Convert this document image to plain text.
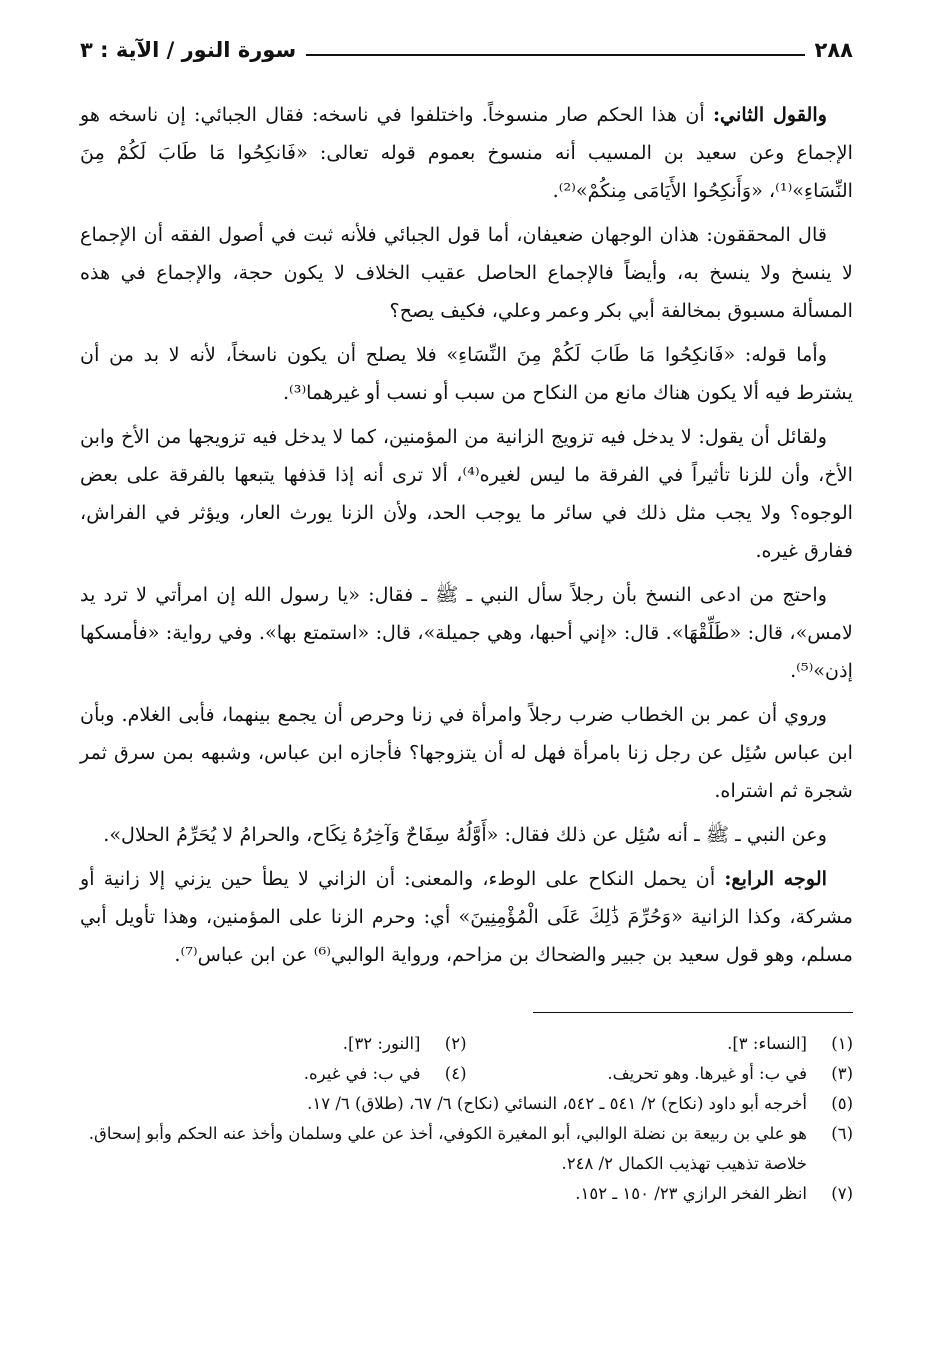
٢٨٨
سورة النور / الآية : ٣

والقول الثاني: أن هذا الحكم صار منسوخاً. واختلفوا في ناسخه: فقال الجبائي: إن ناسخه هو الإجماع وعن سعيد بن المسيب أنه منسوخ بعموم قوله تعالى: «فَانكِحُوا مَا طَابَ لَكُمْ مِنَ النِّسَاءِ»⁽¹⁾، «وَأَنكِحُوا الأَيَامَى مِنكُمْ»⁽²⁾.

قال المحققون: هذان الوجهان ضعيفان، أما قول الجبائي فلأنه ثبت في أصول الفقه أن الإجماع لا ينسخ ولا ينسخ به، وأيضاً فالإجماع الحاصل عقيب الخلاف لا يكون حجة، والإجماع في هذه المسألة مسبوق بمخالفة أبي بكر وعمر وعلي، فكيف يصح؟

وأما قوله: «فَانكِحُوا مَا طَابَ لَكُمْ مِنَ النِّسَاءِ» فلا يصلح أن يكون ناسخاً، لأنه لا بد من أن يشترط فيه ألا يكون هناك مانع من النكاح من سبب أو نسب أو غيرهما⁽³⁾.

ولقائل أن يقول: لا يدخل فيه تزويج الزانية من المؤمنين، كما لا يدخل فيه تزويجها من الأخ وابن الأخ، وأن للزنا تأثيراً في الفرقة ما ليس لغيره⁽⁴⁾، ألا ترى أنه إذا قذفها يتبعها بالفرقة على بعض الوجوه؟ ولا يجب مثل ذلك في سائر ما يوجب الحد، ولأن الزنا يورث العار، ويؤثر في الفراش، ففارق غيره.

واحتج من ادعى النسخ بأن رجلاً سأل النبي ـ ﷺ ـ فقال: «يا رسول الله إن امرأتي لا ترد يد لامس»، قال: «طَلِّقْهَا». قال: «إني أحبها، وهي جميلة»، قال: «استمتع بها». وفي رواية: «فأمسكها إذن»⁽⁵⁾.

وروي أن عمر بن الخطاب ضرب رجلاً وامرأة في زنا وحرص أن يجمع بينهما، فأبى الغلام. وبأن ابن عباس سُئِل عن رجل زنا بامرأة فهل له أن يتزوجها؟ فأجازه ابن عباس، وشبهه بمن سرق ثمر شجرة ثم اشتراه.

وعن النبي ـ ﷺ ـ أنه سُئِل عن ذلك فقال: «أَوَّلُهُ سِفَاحٌ وَآخِرُهُ نِكَاح، والحرامُ لا يُحَرِّمُ الحلال».

الوجه الرابع: أن يحمل النكاح على الوطء، والمعنى: أن الزاني لا يطأ حين يزني إلا زانية أو مشركة، وكذا الزانية «وَحُرِّمَ ذَٰلِكَ عَلَى الْمُؤْمِنِينَ» أي: وحرم الزنا على المؤمنين، وهذا تأويل أبي مسلم، وهو قول سعيد بن جبير والضحاك بن مزاحم، ورواية الوالبي⁽⁶⁾ عن ابن عباس⁽⁷⁾.

(١)
[النساء: ٣].
(٢)
[النور: ٣٢].
(٣)
في ب: أو غيرها. وهو تحريف.
(٤)
في ب: في غيره.
(٥)
أخرجه أبو داود (نكاح) ٢/ ٥٤١ ـ ٥٤٢، النسائي (نكاح) ٦/ ٦٧، (طلاق) ٦/ ١٧.
(٦)
هو علي بن ربيعة بن نضلة الوالبي، أبو المغيرة الكوفي، أخذ عن علي وسلمان وأخذ عنه الحكم وأبو إسحاق.
خلاصة تذهيب تهذيب الكمال ٢/ ٢٤٨.
(٧)
انظر الفخر الرازي ٢٣/ ١٥٠ ـ ١٥٢.
